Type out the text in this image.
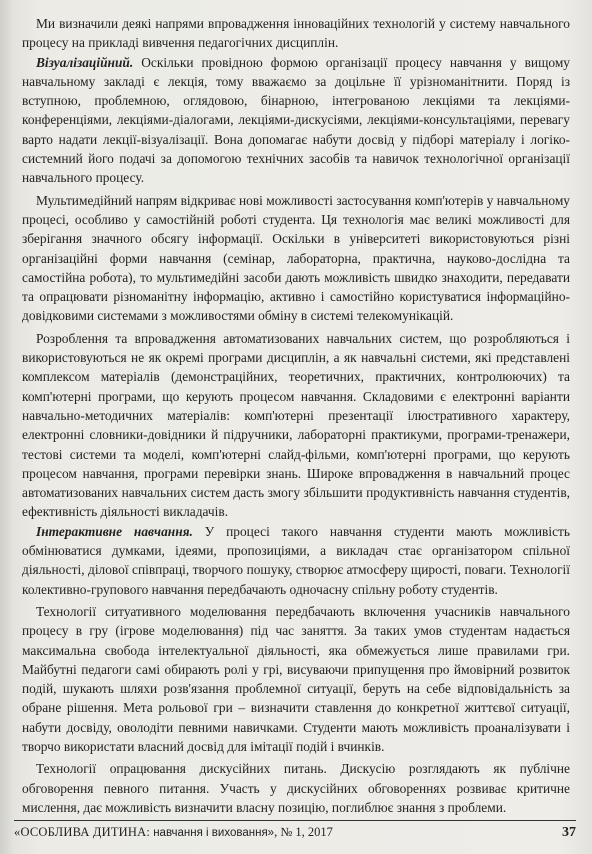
Ми визначили деякі напрями впровадження інноваційних технологій у систему навчального процесу на прикладі вивчення педагогічних дисциплін.

Візуалізаційний. Оскільки провідною формою організації процесу навчання у вищому навчальному закладі є лекція, тому вважаємо за доцільне її урізноманітнити. Поряд із вступною, проблемною, оглядовою, бінарною, інтегрованою лекціями та лекціями-конференціями, лекціями-діалогами, лекціями-дискусіями, лекціями-консультаціями, перевагу варто надати лекції-візуалізації. Вона допомагає набути досвід у підборі матеріалу і логіко-системний його подачі за допомогою технічних засобів та навичок технологічної організації навчального процесу.

Мультимедійний напрям відкриває нові можливості застосування комп'ютерів у навчальному процесі, особливо у самостійній роботі студента. Ця технологія має великі можливості для зберігання значного обсягу інформації. Оскільки в університеті використовуються різні організаційні форми навчання (семінар, лабораторна, практична, науково-дослідна та самостійна робота), то мультимедійні засоби дають можливість швидко знаходити, передавати та опрацювати різноманітну інформацію, активно і самостійно користуватися інформаційно-довідковими системами з можливостями обміну в системі телекомунікацій.

Розроблення та впровадження автоматизованих навчальних систем, що розробляються і використовуються не як окремі програми дисциплін, а як навчальні системи, які представлені комплексом матеріалів (демонстраційних, теоретичних, практичних, контролюючих) та комп'ютерні програми, що керують процесом навчання. Складовими є електронні варіанти навчально-методичних матеріалів: комп'ютерні презентації ілюстративного характеру, електронні словники-довідники й підручники, лабораторні практикуми, програми-тренажери, тестові системи та моделі, комп'ютерні слайд-фільми, комп'ютерні програми, що керують процесом навчання, програми перевірки знань. Широке впровадження в навчальний процес автоматизованих навчальних систем дасть змогу збільшити продуктивність навчання студентів, ефективність діяльності викладачів.

Інтерактивне навчання. У процесі такого навчання студенти мають можливість обмінюватися думками, ідеями, пропозиціями, а викладач стає організатором спільної діяльності, ділової співпраці, творчого пошуку, створює атмосферу щирості, поваги. Технології колективно-групового навчання передбачають одночасну спільну роботу студентів.

Технології ситуативного моделювання передбачають включення учасників навчального процесу в гру (ігрове моделювання) під час заняття. За таких умов студентам надається максимальна свобода інтелектуальної діяльності, яка обмежується лише правилами гри. Майбутні педагоги самі обирають ролі у грі, висуваючи припущення про ймовірний розвиток подій, шукають шляхи розв'язання проблемної ситуації, беруть на себе відповідальність за обране рішення. Мета рольової гри – визначити ставлення до конкретної життєвої ситуації, набути досвіду, оволодіти певними навичками. Студенти мають можливість проаналізувати і творчо використати власний досвід для імітації подій і вчинків.

Технології опрацювання дискусійних питань. Дискусію розглядають як публічне обговорення певного питання. Участь у дискусійних обговореннях розвиває критичне мислення, дає можливість визначити власну позицію, поглиблює знання з проблеми.

«ОСОБЛИВА ДИТИНА: навчання і виховання», № 1, 2017	37
